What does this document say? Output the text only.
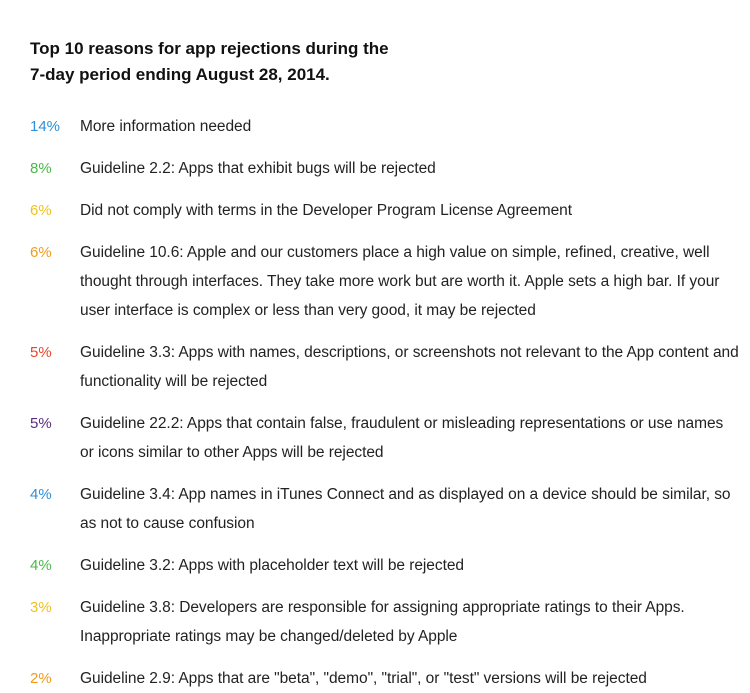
Top 10 reasons for app rejections during the
7-day period ending August 28, 2014.
14%	More information needed
8%	Guideline 2.2: Apps that exhibit bugs will be rejected
6%	Did not comply with terms in the Developer Program License Agreement
6%	Guideline 10.6: Apple and our customers place a high value on simple, refined, creative, well thought through interfaces. They take more work but are worth it. Apple sets a high bar. If your user interface is complex or less than very good, it may be rejected
5%	Guideline 3.3: Apps with names, descriptions, or screenshots not relevant to the App content and functionality will be rejected
5%	Guideline 22.2: Apps that contain false, fraudulent or misleading representations or use names or icons similar to other Apps will be rejected
4%	Guideline 3.4: App names in iTunes Connect and as displayed on a device should be similar, so as not to cause confusion
4%	Guideline 3.2: Apps with placeholder text will be rejected
3%	Guideline 3.8: Developers are responsible for assigning appropriate ratings to their Apps. Inappropriate ratings may be changed/deleted by Apple
2%	Guideline 2.9: Apps that are "beta", "demo", "trial", or "test" versions will be rejected
